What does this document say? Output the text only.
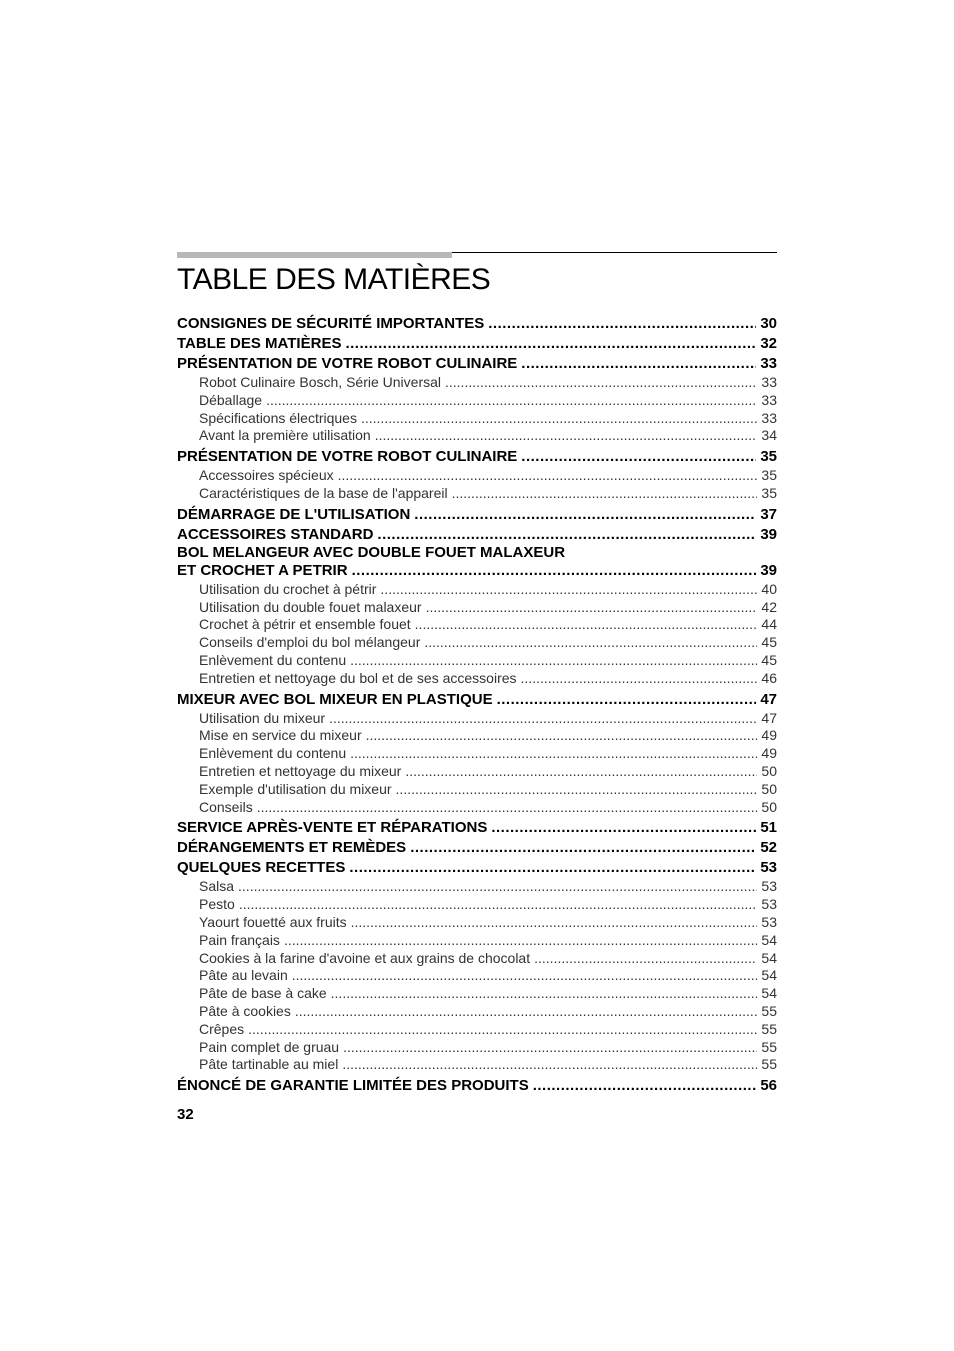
TABLE DES MATIÈRES
CONSIGNES DE SÉCURITÉ IMPORTANTES .....	30
TABLE DES MATIÈRES .....	32
PRÉSENTATION DE VOTRE ROBOT CULINAIRE .....	33
Robot Culinaire Bosch, Série Universal .....	33
Déballage .....	33
Spécifications électriques .....	33
Avant la première utilisation .....	34
PRÉSENTATION DE VOTRE ROBOT CULINAIRE .....	35
Accessoires spécieux .....	35
Caractéristiques de la base de l'appareil .....	35
DÉMARRAGE DE L'UTILISATION .....	37
ACCESSOIRES STANDARD .....	39
BOL MELANGEUR AVEC DOUBLE FOUET MALAXEUR
ET CROCHET A PETRIR .....	39
Utilisation du crochet à pétrir .....	40
Utilisation du double fouet malaxeur .....	42
Crochet à pétrir et ensemble fouet .....	44
Conseils d'emploi du bol mélangeur .....	45
Enlèvement du contenu .....	45
Entretien et nettoyage du bol et de ses accessoires .....	46
MIXEUR AVEC BOL MIXEUR EN PLASTIQUE .....	47
Utilisation du mixeur .....	47
Mise en service du mixeur .....	49
Enlèvement du contenu .....	49
Entretien et nettoyage du mixeur .....	50
Exemple d'utilisation du mixeur .....	50
Conseils .....	50
SERVICE APRÈS-VENTE ET RÉPARATIONS .....	51
DÉRANGEMENTS ET REMÈDES .....	52
QUELQUES RECETTES .....	53
Salsa .....	53
Pesto .....	53
Yaourt fouetté aux fruits .....	53
Pain français .....	54
Cookies à la farine d'avoine et aux grains de chocolat .....	54
Pâte au levain .....	54
Pâte de base à cake .....	54
Pâte à cookies .....	55
Crêpes .....	55
Pain complet de gruau .....	55
Pâte tartinable au miel .....	55
ÉNONCÉ DE GARANTIE LIMITÉE DES PRODUITS .....	56
32
